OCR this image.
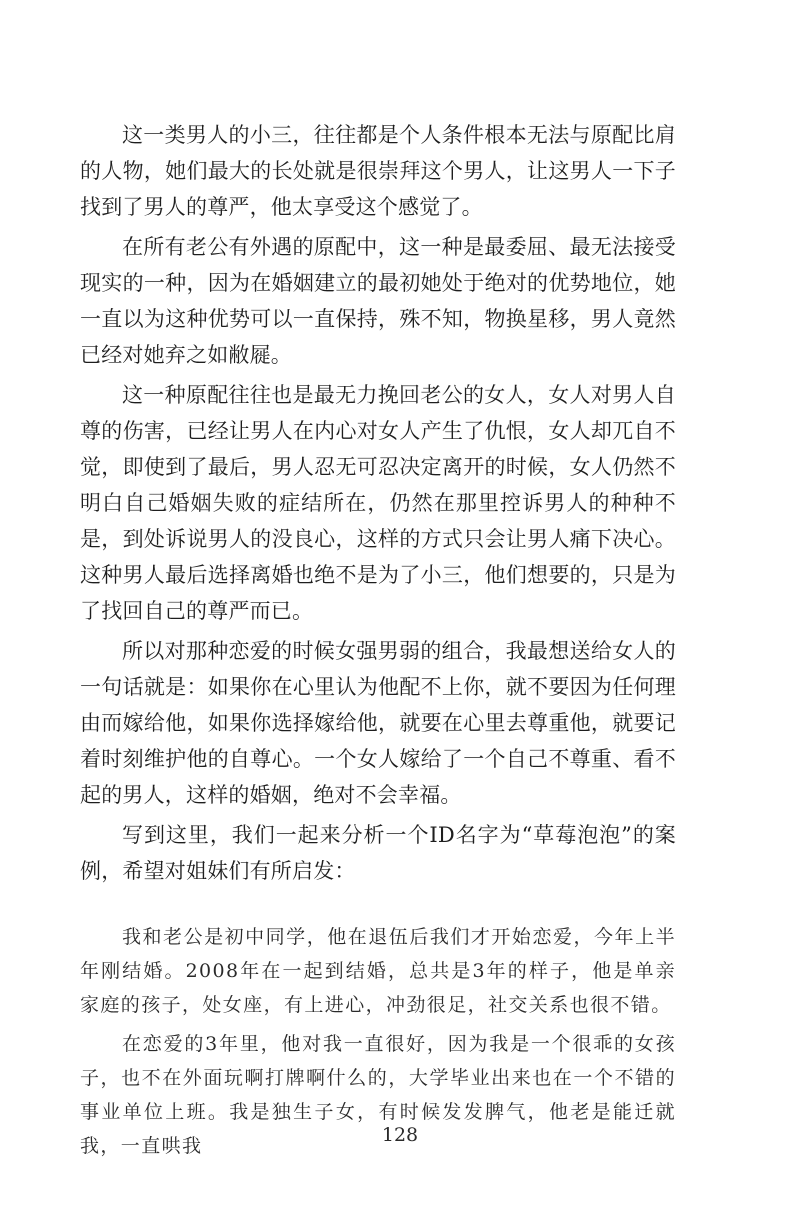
这一类男人的小三，往往都是个人条件根本无法与原配比肩的人物，她们最大的长处就是很崇拜这个男人，让这男人一下子找到了男人的尊严，他太享受这个感觉了。

在所有老公有外遇的原配中，这一种是最委屈、最无法接受现实的一种，因为在婚姻建立的最初她处于绝对的优势地位，她一直以为这种优势可以一直保持，殊不知，物换星移，男人竟然已经对她弃之如敝屣。

这一种原配往往也是最无力挽回老公的女人，女人对男人自尊的伤害，已经让男人在内心对女人产生了仇恨，女人却兀自不觉，即使到了最后，男人忍无可忍决定离开的时候，女人仍然不明白自己婚姻失败的症结所在，仍然在那里控诉男人的种种不是，到处诉说男人的没良心，这样的方式只会让男人痛下决心。这种男人最后选择离婚也绝不是为了小三，他们想要的，只是为了找回自己的尊严而已。

所以对那种恋爱的时候女强男弱的组合，我最想送给女人的一句话就是：如果你在心里认为他配不上你，就不要因为任何理由而嫁给他，如果你选择嫁给他，就要在心里去尊重他，就要记着时刻维护他的自尊心。一个女人嫁给了一个自己不尊重、看不起的男人，这样的婚姻，绝对不会幸福。

写到这里，我们一起来分析一个ID名字为“草莓泡泡”的案例，希望对姐妹们有所启发：

我和老公是初中同学，他在退伍后我们才开始恋爱，今年上半年刚结婚。2008年在一起到结婚，总共是3年的样子，他是单亲家庭的孩子，处女座，有上进心，冲劲很足，社交关系也很不错。

在恋爱的3年里，他对我一直很好，因为我是一个很乖的女孩子，也不在外面玩啊打牌啊什么的，大学毕业出来也在一个不错的事业单位上班。我是独生子女，有时候发发脾气，他老是能迁就我，一直哄我	128
